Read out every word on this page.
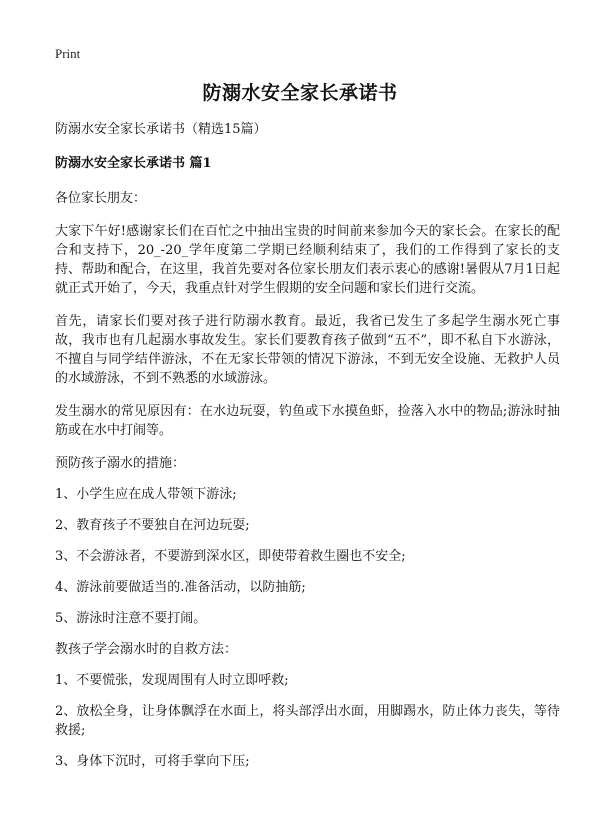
Print
防溺水安全家长承诺书

防溺水安全家长承诺书（精选15篇）

防溺水安全家长承诺书 篇1

各位家长朋友：

大家下午好!感谢家长们在百忙之中抽出宝贵的时间前来参加今天的家长会。在家长的配合和支持下，20_-20_学年度第二学期已经顺利结束了，我们的工作得到了家长的支持、帮助和配合，在这里，我首先要对各位家长朋友们表示衷心的感谢!暑假从7月1日起就正式开始了，今天，我重点针对学生假期的安全问题和家长们进行交流。

首先，请家长们要对孩子进行防溺水教育。最近，我省已发生了多起学生溺水死亡事故，我市也有几起溺水事故发生。家长们要教育孩子做到“五不”，即不私自下水游泳，不擅自与同学结伴游泳，不在无家长带领的情况下游泳，不到无安全设施、无救护人员的水域游泳，不到不熟悉的水域游泳。

发生溺水的常见原因有：在水边玩耍，钓鱼或下水摸鱼虾，捡落入水中的物品;游泳时抽筋或在水中打闹等。

预防孩子溺水的措施：

1、小学生应在成人带领下游泳;

2、教育孩子不要独自在河边玩耍;

3、不会游泳者，不要游到深水区，即使带着救生圈也不安全;

4、游泳前要做适当的.准备活动，以防抽筋;

5、游泳时注意不要打闹。

教孩子学会溺水时的自救方法：

1、不要慌张，发现周围有人时立即呼救;

2、放松全身，让身体飘浮在水面上，将头部浮出水面，用脚踢水，防止体力丧失，等待救援;

3、身体下沉时，可将手掌向下压;
